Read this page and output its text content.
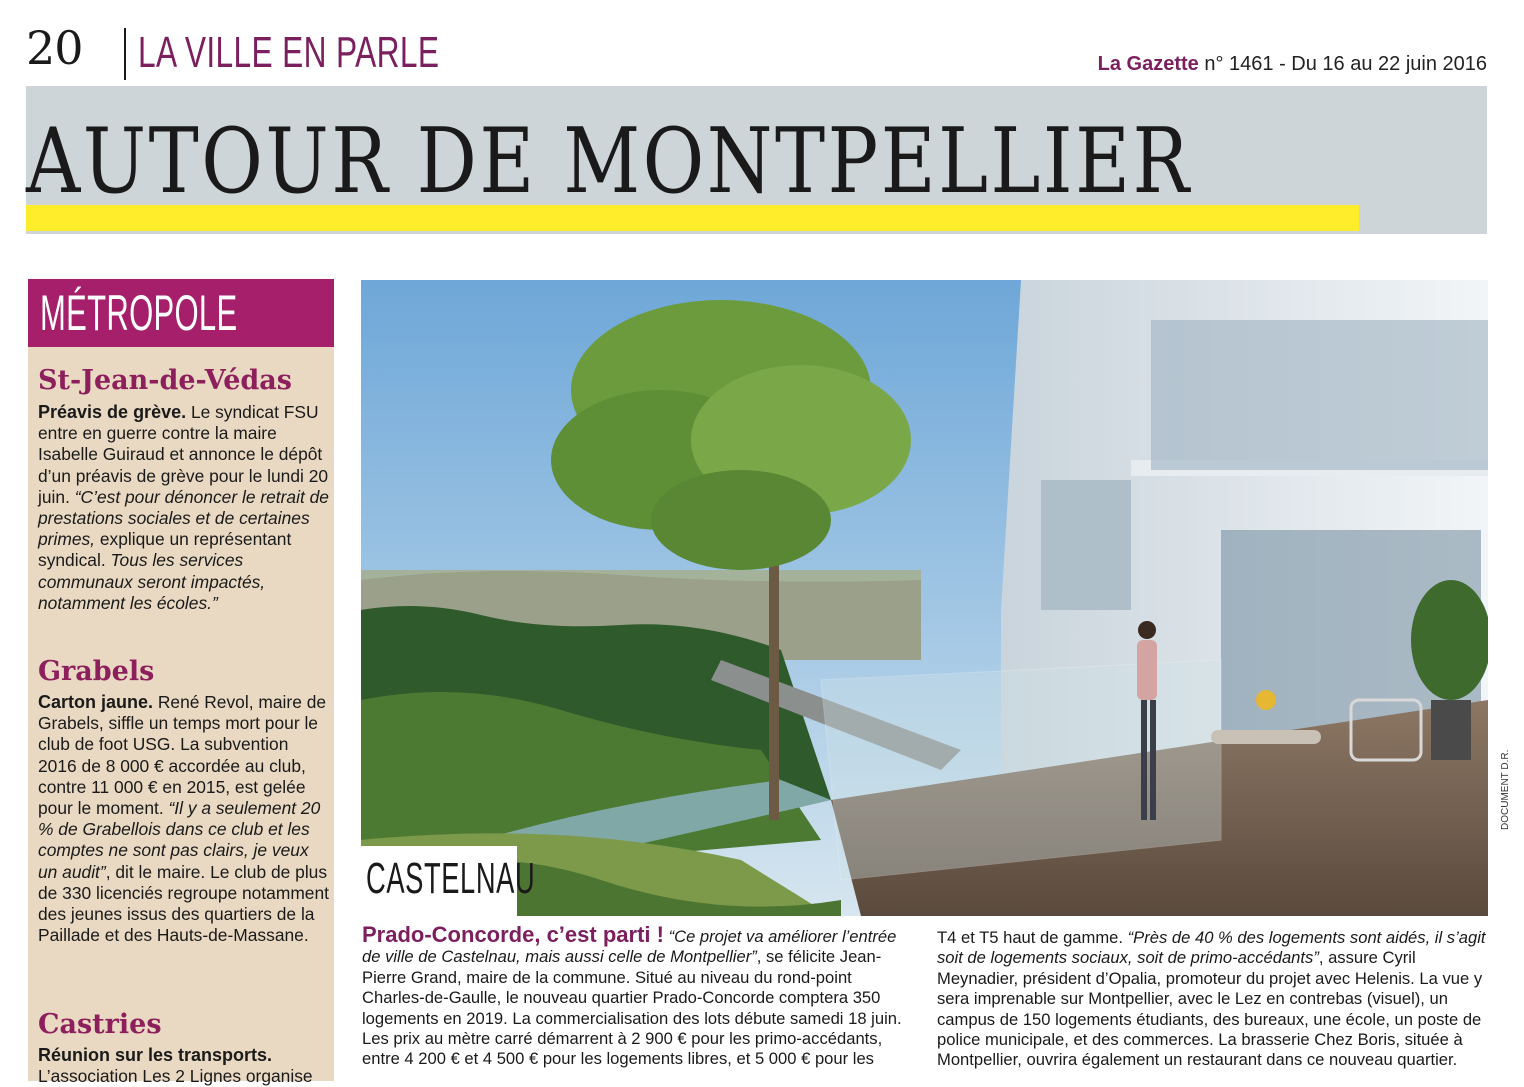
20 LA VILLE EN PARLE	La Gazette n° 1461 - Du 16 au 22 juin 2016
AUTOUR DE MONTPELLIER
MÉTROPOLE
St-Jean-de-Védas
Préavis de grève. Le syndicat FSU entre en guerre contre la maire Isabelle Guiraud et annonce le dépôt d’un préavis de grève pour le lundi 20 juin. “C’est pour dénoncer le retrait de prestations sociales et de certaines primes, explique un représentant syndical. Tous les services communaux seront impactés, notamment les écoles.”
Grabels
Carton jaune. René Revol, maire de Grabels, siffle un temps mort pour le club de foot USG. La subvention 2016 de 8 000 € accordée au club, contre 11 000 € en 2015, est gelée pour le moment. “Il y a seulement 20 % de Grabellois dans ce club et les comptes ne sont pas clairs, je veux un audit”, dit le maire. Le club de plus de 330 licenciés regroupe notamment des jeunes issus des quartiers de la Paillade et des Hauts-de-Massane.
Castries
Réunion sur les transports. L’association Les 2 Lignes organise
CASTELNAU
DOCUMENT D.R.
Prado-Concorde, c’est parti ! “Ce projet va améliorer l’entrée de ville de Castelnau, mais aussi celle de Montpellier”, se félicite Jean-Pierre Grand, maire de la commune. Situé au niveau du rond-point Charles-de-Gaulle, le nouveau quartier Prado-Concorde comptera 350 logements en 2019. La commercialisation des lots débute samedi 18 juin. Les prix au mètre carré démarrent à 2 900 € pour les primo-accédants, entre 4 200 € et 4 500 € pour les logements libres, et 5 000 € pour les
T4 et T5 haut de gamme. “Près de 40 % des logements sont aidés, il s’agit soit de logements sociaux, soit de primo-accédants”, assure Cyril Meynadier, président d’Opalia, promoteur du projet avec Helenis. La vue y sera imprenable sur Montpellier, avec le Lez en contrebas (visuel), un campus de 150 logements étudiants, des bureaux, une école, un poste de police municipale, et des commerces. La brasserie Chez Boris, située à Montpellier, ouvrira également un restaurant dans ce nouveau quartier.
